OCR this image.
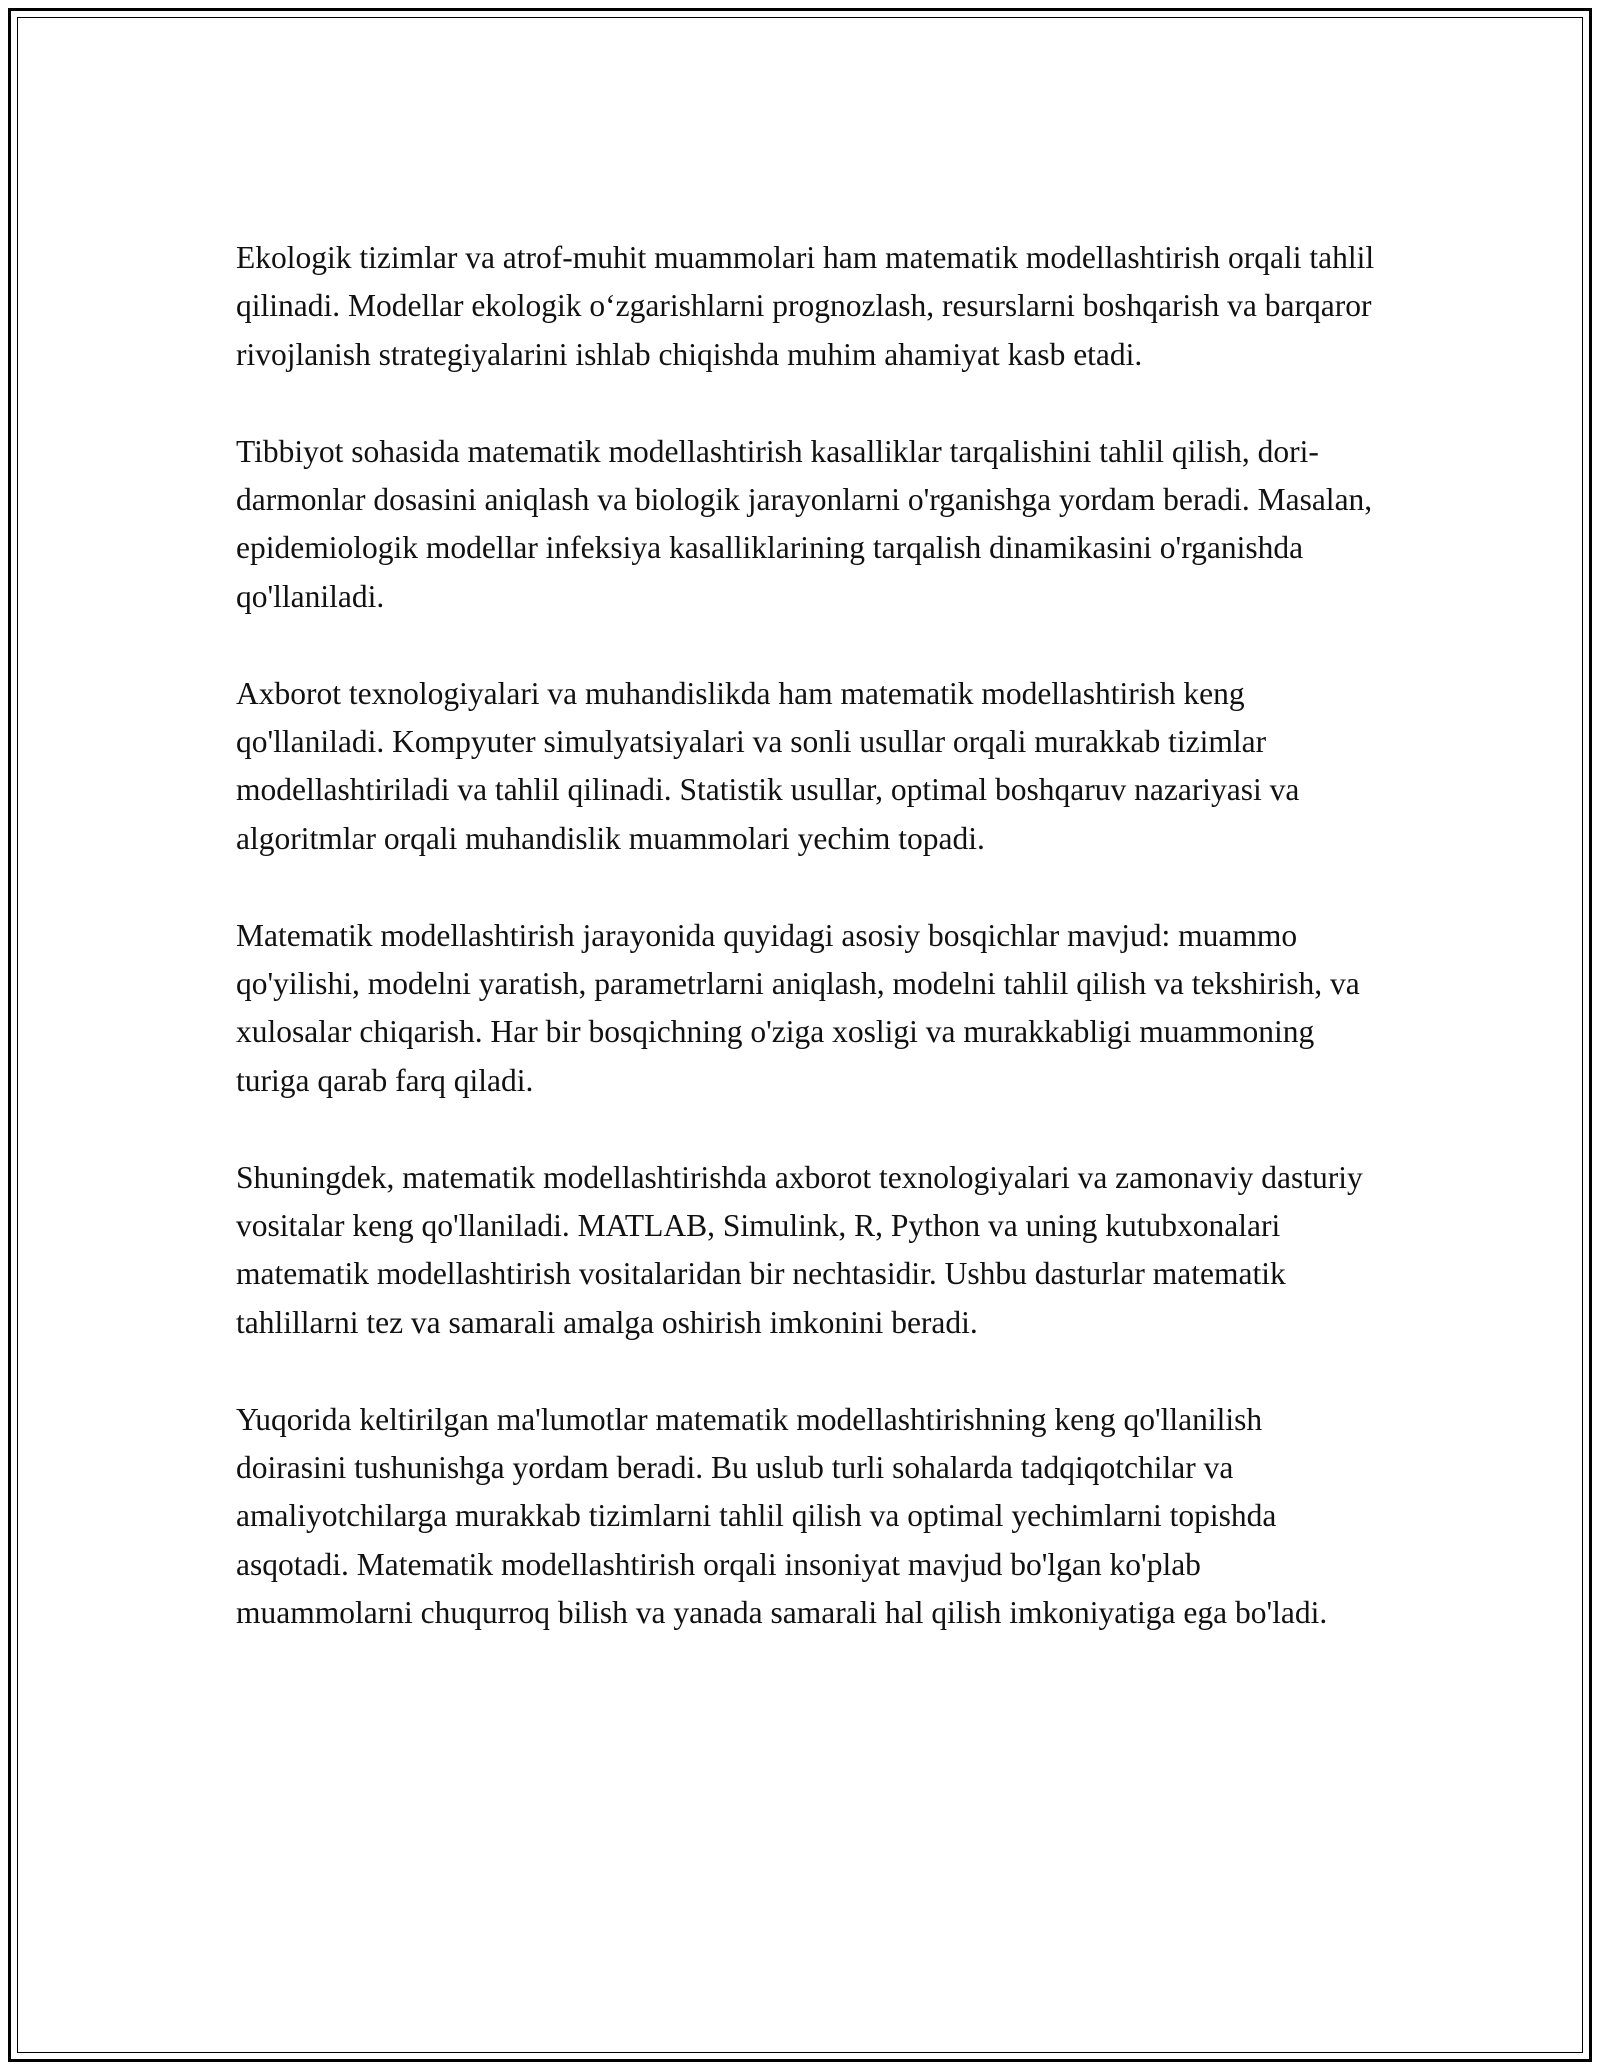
Ekologik tizimlar va atrof-muhit muammolari ham matematik modellashtirish orqali tahlil qilinadi. Modellar ekologik o‘zgarishlarni prognozlash, resurslarni boshqarish va barqaror rivojlanish strategiyalarini ishlab chiqishda muhim ahamiyat kasb etadi.

Tibbiyot sohasida matematik modellashtirish kasalliklar tarqalishini tahlil qilish, dori-darmonlar dosasini aniqlash va biologik jarayonlarni o'rganishga yordam beradi. Masalan, epidemiologik modellar infeksiya kasalliklarining tarqalish dinamikasini o'rganishda qo'llaniladi.

Axborot texnologiyalari va muhandislikda ham matematik modellashtirish keng qo'llaniladi. Kompyuter simulyatsiyalari va sonli usullar orqali murakkab tizimlar modellashtiriladi va tahlil qilinadi. Statistik usullar, optimal boshqaruv nazariyasi va algoritmlar orqali muhandislik muammolari yechim topadi.

Matematik modellashtirish jarayonida quyidagi asosiy bosqichlar mavjud: muammo qo'yilishi, modelni yaratish, parametrlarni aniqlash, modelni tahlil qilish va tekshirish, va xulosalar chiqarish. Har bir bosqichning o'ziga xosligi va murakkabligi muammoning turiga qarab farq qiladi.

Shuningdek, matematik modellashtirishda axborot texnologiyalari va zamonaviy dasturiy vositalar keng qo'llaniladi. MATLAB, Simulink, R, Python va uning kutubxonalari matematik modellashtirish vositalaridan bir nechtasidir. Ushbu dasturlar matematik tahlillarni tez va samarali amalga oshirish imkonini beradi.

Yuqorida keltirilgan ma'lumotlar matematik modellashtirishning keng qo'llanilish doirasini tushunishga yordam beradi. Bu uslub turli sohalarda tadqiqotchilar va amaliyotchilarga murakkab tizimlarni tahlil qilish va optimal yechimlarni topishda asqotadi. Matematik modellashtirish orqali insoniyat mavjud bo'lgan ko'plab muammolarni chuqurroq bilish va yanada samarali hal qilish imkoniyatiga ega bo'ladi.
